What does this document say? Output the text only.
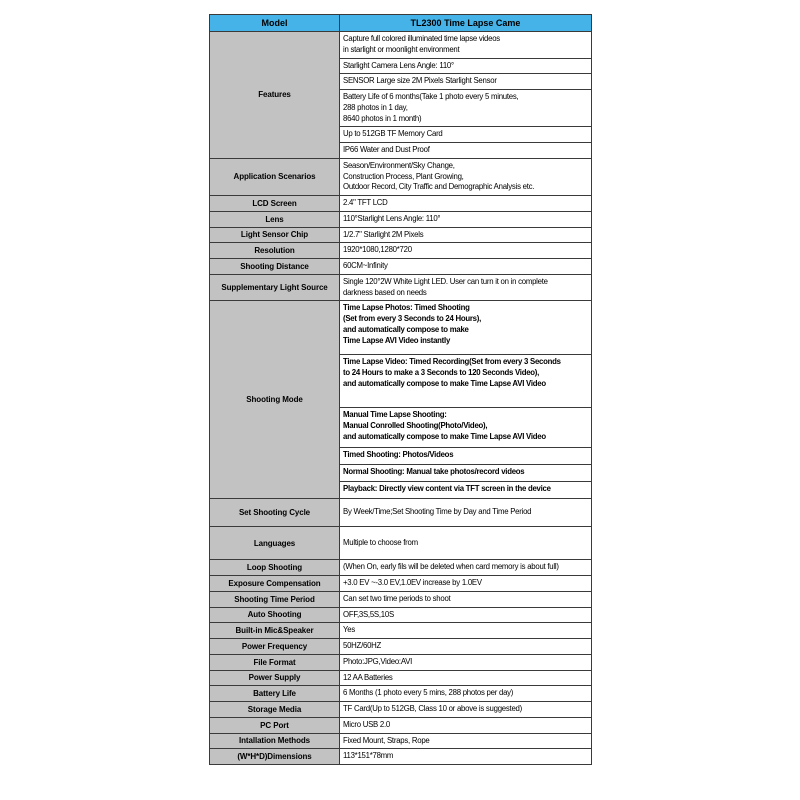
Model	TL2300 Time Lapse Came
Features	Capture full colored illuminated time lapse videos
in starlight or moonlight environment

	Starlight Camera Lens Angle: 110°

	SENSOR Large size 2M Pixels Starlight Sensor

	Battery Life of 6 months(Take 1 photo every 5 minutes,
288 photos in 1 day,
8640 photos in 1 month)

	Up to 512GB TF Memory Card

	IP66 Water and Dust Proof

Application Scenarios	Season/Environment/Sky Change,
Construction Process, Plant Growing,
Outdoor Record, City Traffic and Demographic Analysis etc.

LCD Screen	2.4" TFT LCD

Lens	110°Starlight Lens Angle: 110°

Light Sensor Chip	1/2.7" Starlight 2M Pixels

Resolution	1920*1080,1280*720

Shooting Distance	60CM~Infinity

Supplementary Light Source	Single 120°2W White Light LED. User can turn it on in complete
darkness based on needs

Shooting Mode	Time Lapse Photos: Timed Shooting
(Set from every 3 Seconds to 24 Hours),
and automatically compose to make
Time Lapse AVI Video instantly

	Time Lapse Video: Timed Recording(Set from every 3 Seconds
to 24 Hours to make a 3 Seconds to 120 Seconds Video),
and automatically compose to make Time Lapse AVI Video

	Manual Time Lapse Shooting:
Manual Conrolled Shooting(Photo/Video),
and automatically compose to make Time Lapse AVI Video

	Timed Shooting: Photos/Videos

	Normal Shooting: Manual take photos/record videos

	Playback: Directly view content via TFT screen in the device

Set Shooting Cycle	By Week/Time;Set Shooting Time by Day and Time Period

Languages	Multiple to choose from

Loop Shooting	(When On, early fils will be deleted when card memory is about full)

Exposure Compensation	+3.0 EV ~-3.0 EV,1.0EV increase by 1.0EV

Shooting Time Period	Can set two time periods to shoot

Auto Shooting	OFF,3S,5S,10S

Built-in Mic&Speaker	Yes

Power Frequency	50HZ/60HZ

File Format	Photo:JPG,Video:AVI

Power Supply	12 AA Batteries

Battery Life	6 Months (1 photo every 5 mins, 288 photos per day)

Storage Media	TF Card(Up to 512GB, Class 10 or above is suggested)

PC Port	Micro USB 2.0

Intallation Methods	Fixed Mount, Straps, Rope

(W*H*D)Dimensions	113*151*78mm
